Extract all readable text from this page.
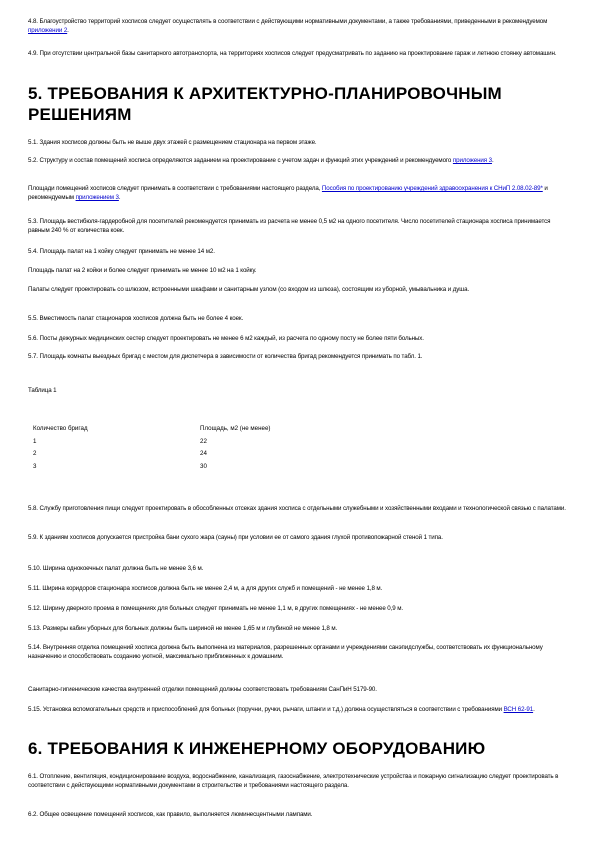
4.8. Благоустройство территорий хосписов следует осуществлять в соответствии с действующими нормативными документами, а также требованиями, приведенными в рекомендуемом приложении 2.
4.9. При отсутствии центральной базы санитарного автотранспорта, на территориях хосписов следует предусматривать по заданию на проектирование гараж и летнюю стоянку автомашин.
5. ТРЕБОВАНИЯ К АРХИТЕКТУРНО-ПЛАНИРОВОЧНЫМ РЕШЕНИЯМ
5.1. Здания хосписов должны быть не выше двух этажей с размещением стационара на первом этаже.
5.2. Структуру и состав помещений хосписа определяются заданием на проектирование с учетом задач и функций этих учреждений и рекомендуемого приложения 3.
Площади помещений хосписов следует принимать в соответствии с требованиями настоящего раздела, Пособия по проектированию учреждений здравоохранения к СНиП 2.08.02-89* и рекомендуемым приложением 3.
5.3. Площадь вестибюля-гардеробной для посетителей рекомендуется принимать из расчета не менее 0,5 м2 на одного посетителя. Число посетителей стационара хосписа принимается равным 240 % от количества коек.
5.4. Площадь палат на 1 койку следует принимать не менее 14 м2.
Площадь палат на 2 койки и более следует принимать не менее 10 м2 на 1 койку.
Палаты следует проектировать со шлюзом, встроенными шкафами и санитарным узлом (со входом из шлюза), состоящим из уборной, умывальника и душа.
5.5. Вместимость палат стационаров хосписов должна быть не более 4 коек.
5.6. Посты дежурных медицинских сестер следует проектировать не менее 6 м2 каждый, из расчета по одному посту не более пяти больных.
5.7. Площадь комнаты выездных бригад с местом для диспетчера в зависимости от количества бригад рекомендуется принимать по табл. 1.
Таблица 1
Количество бригад	Площадь, м2 (не менее)
1	22
2	24
3	30
5.8. Службу приготовления пищи следует проектировать в обособленных отсеках здания хосписа с отдельными служебными и хозяйственными входами и технологической связью с палатами.
5.9. К зданиям хосписов допускается пристройка бани сухого жара (сауны) при условии ее от самого здания глухой противопожарной стеной 1 типа.
5.10. Ширина однокоечных палат должна быть не менее 3,6 м.
5.11. Ширина коридоров стационара хосписов должна быть не менее 2,4 м, а для других служб и помещений - не менее 1,8 м.
5.12. Ширину дверного проема в помещениях для больных следует принимать не менее 1,1 м, в других помещениях - не менее 0,9 м.
5.13. Размеры кабин уборных для больных должны быть шириной не менее 1,65 м и глубиной не менее 1,8 м.
5.14. Внутренняя отделка помещений хосписа должна быть выполнена из материалов, разрешенных органами и учреждениями санэпидслужбы, соответствовать их функциональному назначению и способствовать созданию уютной, максимально приближенных к домашним.
Санитарно-гигиенические качества внутренней отделки помещений должны соответствовать требованиям СанПиН 5179-90.
5.15. Установка вспомогательных средств и приспособлений для больных (поручни, ручки, рычаги, штанги и т.д.) должна осуществляться в соответствии с требованиями ВСН 62-91.
6. ТРЕБОВАНИЯ К ИНЖЕНЕРНОМУ ОБОРУДОВАНИЮ
6.1. Отопление, вентиляция, кондиционирование воздуха, водоснабжение, канализация, газоснабжение, электротехнические устройства и пожарную сигнализацию следует проектировать в соответствии с действующими нормативными документами в строительстве и требованиями настоящего раздела.
6.2. Общее освещение помещений хосписов, как правило, выполняется люминесцентными лампами.
